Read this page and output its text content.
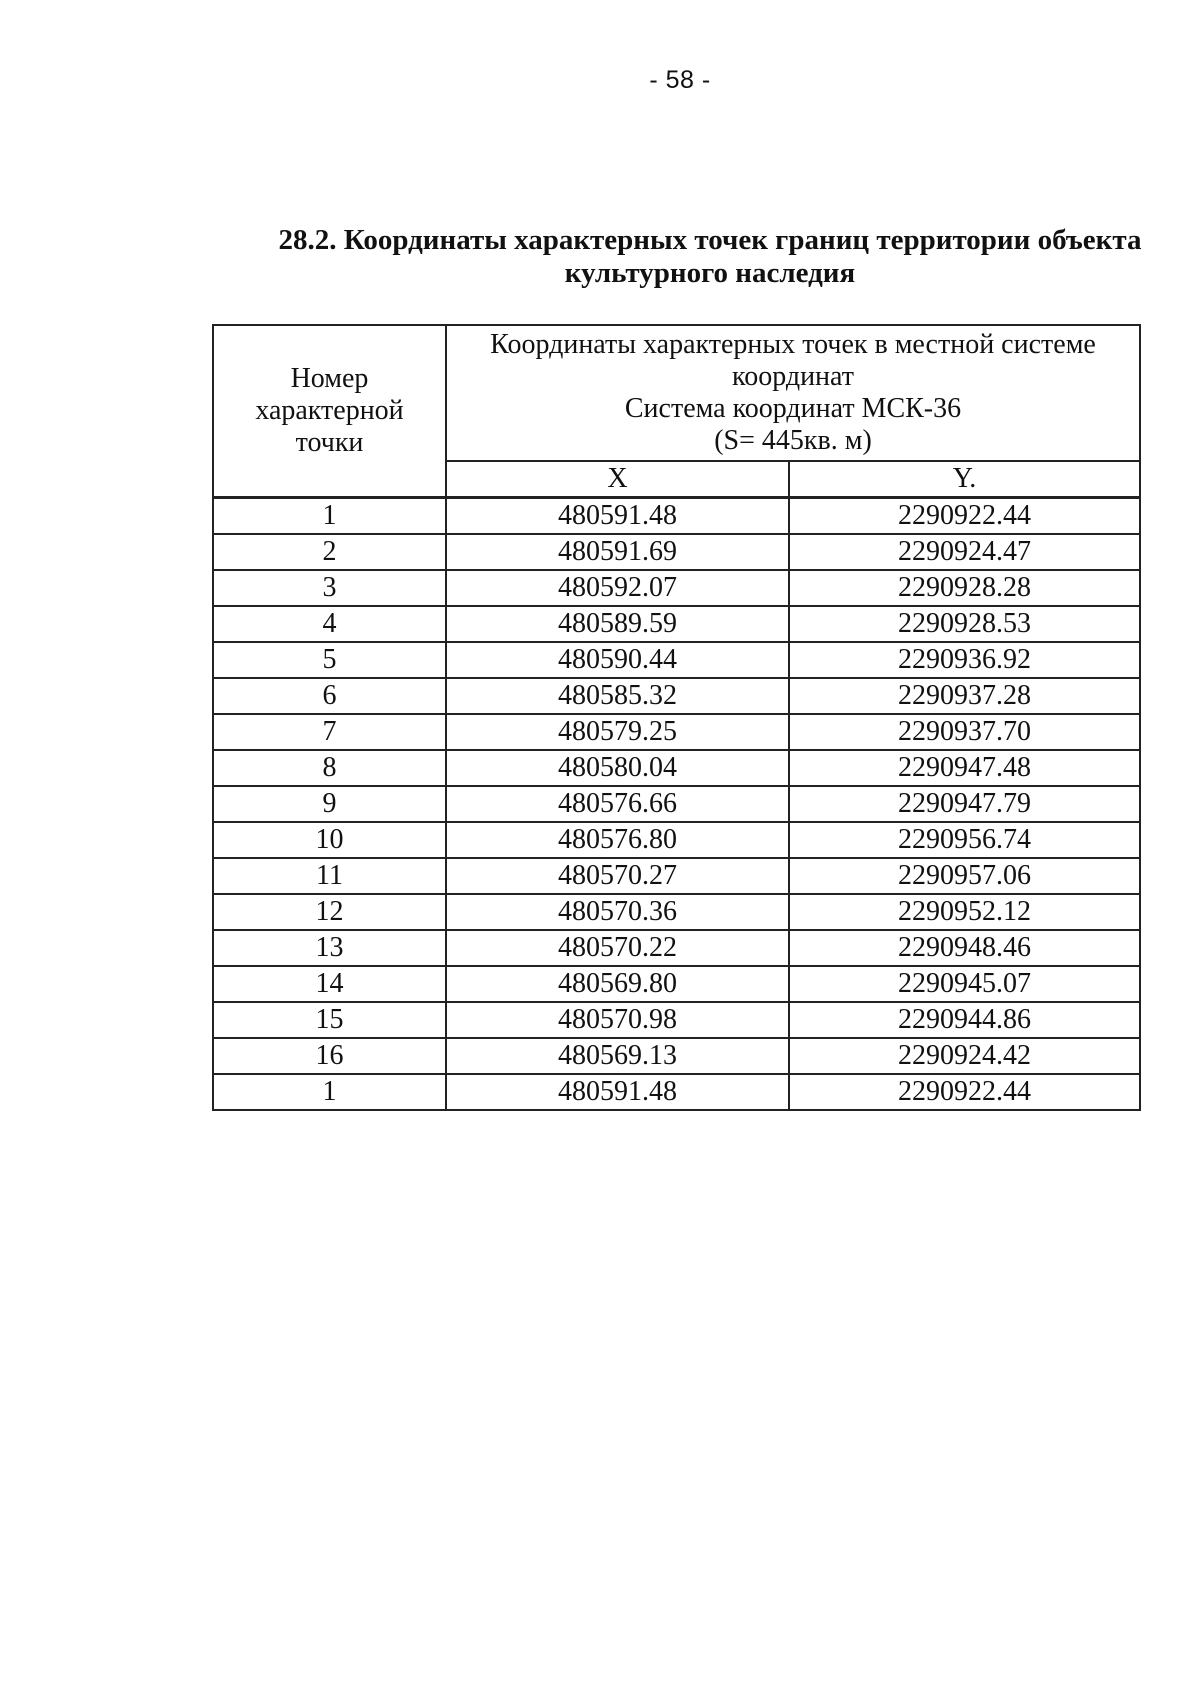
- 58 -
28.2. Координаты характерных точек границ территории объекта
культурного наследия
Номер
характерной
точки	Координаты характерных точек в местной системе
координат
Система координат МСК-36
(S= 445кв. м)	

	X	Y.
1	480591.48	2290922.44
2	480591.69	2290924.47
3	480592.07	2290928.28
4	480589.59	2290928.53
5	480590.44	2290936.92
6	480585.32	2290937.28
7	480579.25	2290937.70
8	480580.04	2290947.48
9	480576.66	2290947.79
10	480576.80	2290956.74
11	480570.27	2290957.06
12	480570.36	2290952.12
13	480570.22	2290948.46
14	480569.80	2290945.07
15	480570.98	2290944.86
16	480569.13	2290924.42
1	480591.48	2290922.44
